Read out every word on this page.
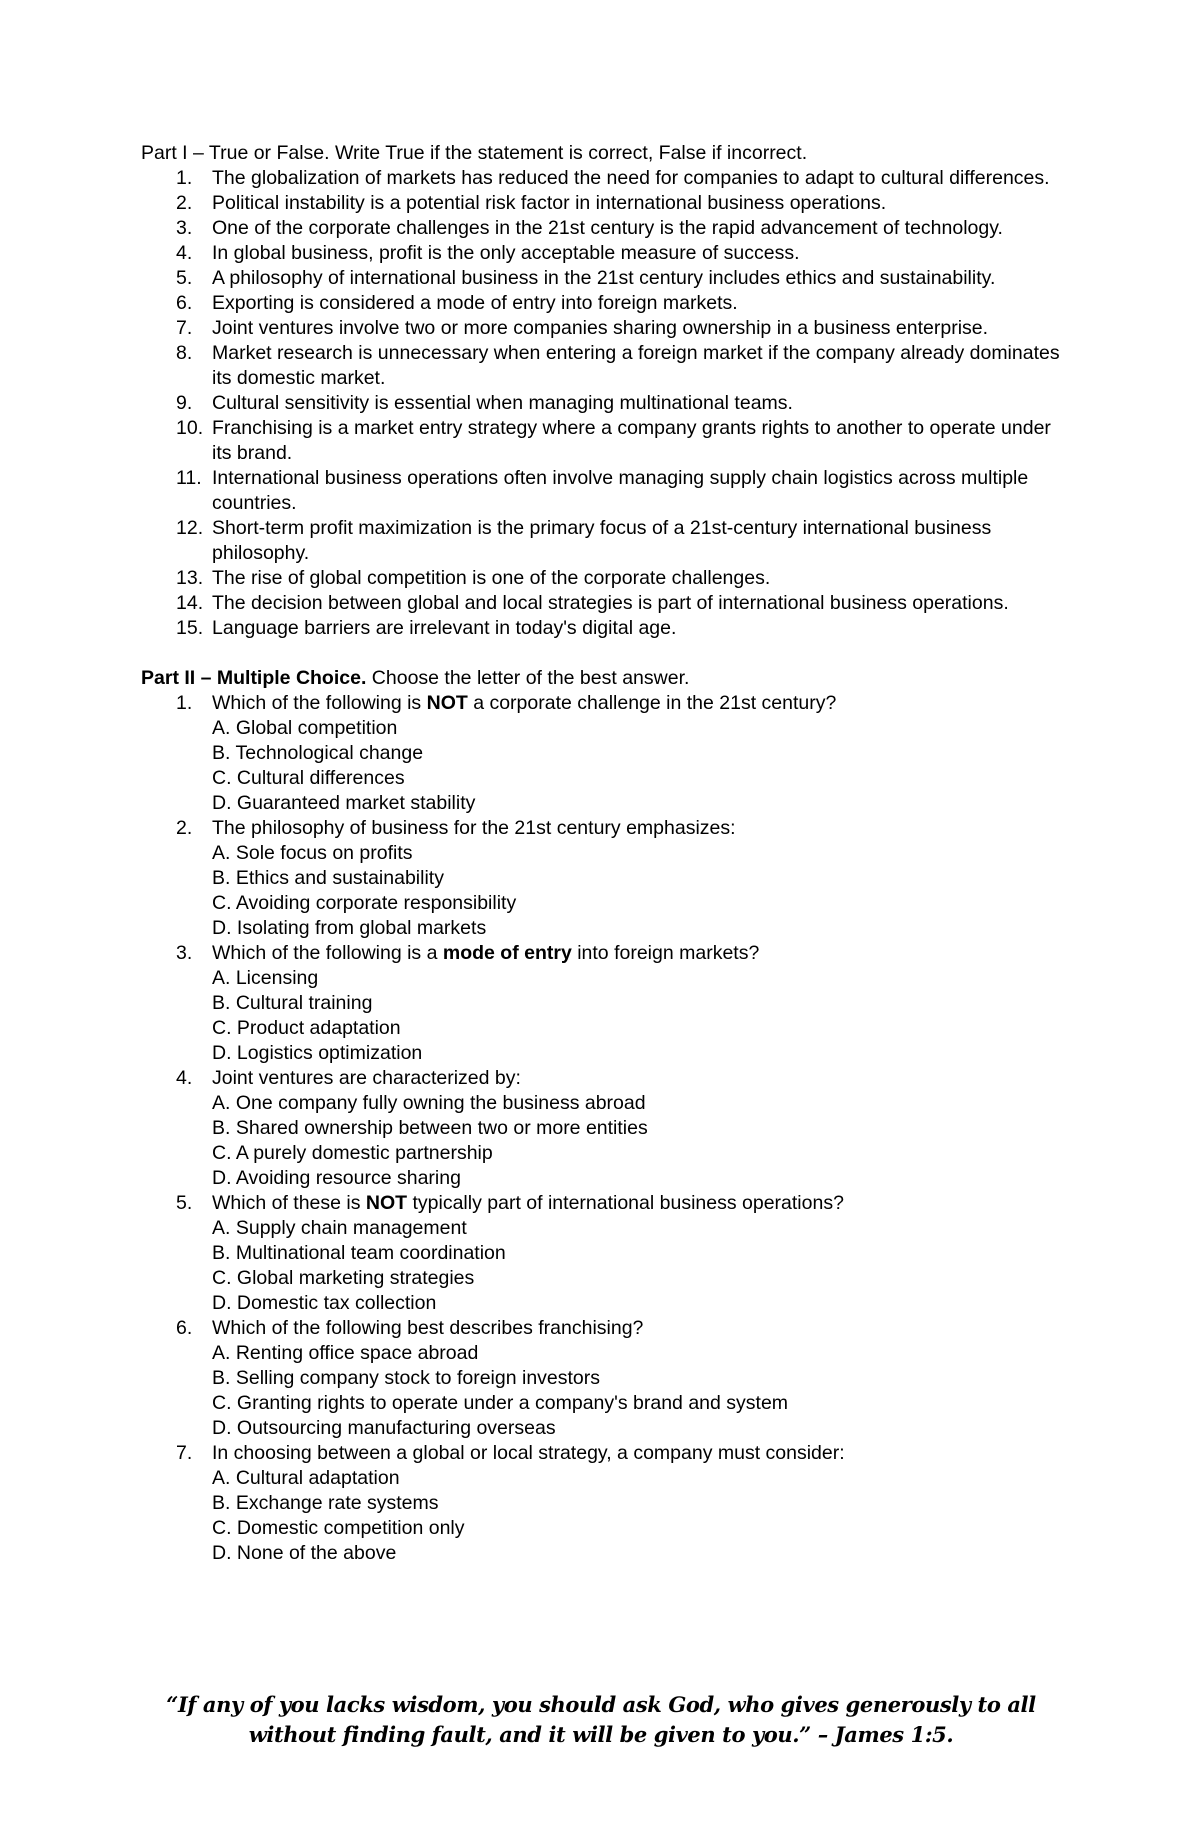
Part I – True or False. Write True if the statement is correct, False if incorrect.

1. The globalization of markets has reduced the need for companies to adapt to cultural differences.
2. Political instability is a potential risk factor in international business operations.
3. One of the corporate challenges in the 21st century is the rapid advancement of technology.
4. In global business, profit is the only acceptable measure of success.
5. A philosophy of international business in the 21st century includes ethics and sustainability.
6. Exporting is considered a mode of entry into foreign markets.
7. Joint ventures involve two or more companies sharing ownership in a business enterprise.
8. Market research is unnecessary when entering a foreign market if the company already dominates its domestic market.
9. Cultural sensitivity is essential when managing multinational teams.
10. Franchising is a market entry strategy where a company grants rights to another to operate under its brand.
11. International business operations often involve managing supply chain logistics across multiple countries.
12. Short-term profit maximization is the primary focus of a 21st-century international business philosophy.
13. The rise of global competition is one of the corporate challenges.
14. The decision between global and local strategies is part of international business operations.
15. Language barriers are irrelevant in today's digital age.

Part II – Multiple Choice. Choose the letter of the best answer.

1. Which of the following is NOT a corporate challenge in the 21st century?
A. Global competition
B. Technological change
C. Cultural differences
D. Guaranteed market stability
2. The philosophy of business for the 21st century emphasizes:
A. Sole focus on profits
B. Ethics and sustainability
C. Avoiding corporate responsibility
D. Isolating from global markets
3. Which of the following is a mode of entry into foreign markets?
A. Licensing
B. Cultural training
C. Product adaptation
D. Logistics optimization
4. Joint ventures are characterized by:
A. One company fully owning the business abroad
B. Shared ownership between two or more entities
C. A purely domestic partnership
D. Avoiding resource sharing
5. Which of these is NOT typically part of international business operations?
A. Supply chain management
B. Multinational team coordination
C. Global marketing strategies
D. Domestic tax collection
6. Which of the following best describes franchising?
A. Renting office space abroad
B. Selling company stock to foreign investors
C. Granting rights to operate under a company's brand and system
D. Outsourcing manufacturing overseas
7. In choosing between a global or local strategy, a company must consider:
A. Cultural adaptation
B. Exchange rate systems
C. Domestic competition only
D. None of the above
“If any of you lacks wisdom, you should ask God, who gives generously to all without finding fault, and it will be given to you.” – James 1:5.
